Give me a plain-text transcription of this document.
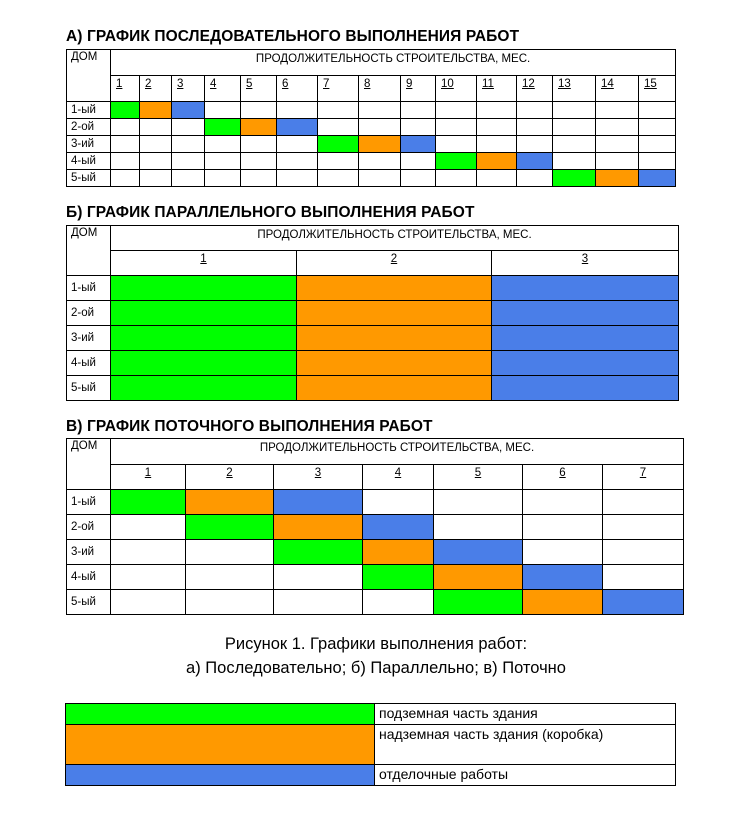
А) ГРАФИК ПОСЛЕДОВАТЕЛЬНОГО ВЫПОЛНЕНИЯ РАБОТ
ДОМ	ПРОДОЛЖИТЕЛЬНОСТЬ СТРОИТЕЛЬСТВА, МЕС.														
	1	2	3	4	5	6	7	8	9	10	11	12	13	14	15
1-ый															
2-ой															
3-ий															
4-ый															
5-ый															
Б) ГРАФИК ПАРАЛЛЕЛЬНОГО ВЫПОЛНЕНИЯ РАБОТ
ДОМ	ПРОДОЛЖИТЕЛЬНОСТЬ СТРОИТЕЛЬСТВА, МЕС.		
	1	2	3
1-ый			
2-ой			
3-ий			
4-ый			
5-ый			
В) ГРАФИК ПОТОЧНОГО ВЫПОЛНЕНИЯ РАБОТ
ДОМ	ПРОДОЛЖИТЕЛЬНОСТЬ СТРОИТЕЛЬСТВА, МЕС.						
	1	2	3	4	5	6	7
1-ый							
2-ой							
3-ий							
4-ый							
5-ый							
Рисунок 1. Графики выполнения работ:
а) Последовательно; б) Параллельно; в) Поточно
	подземная часть здания
	надземная часть здания (коробка)
	отделочные работы
